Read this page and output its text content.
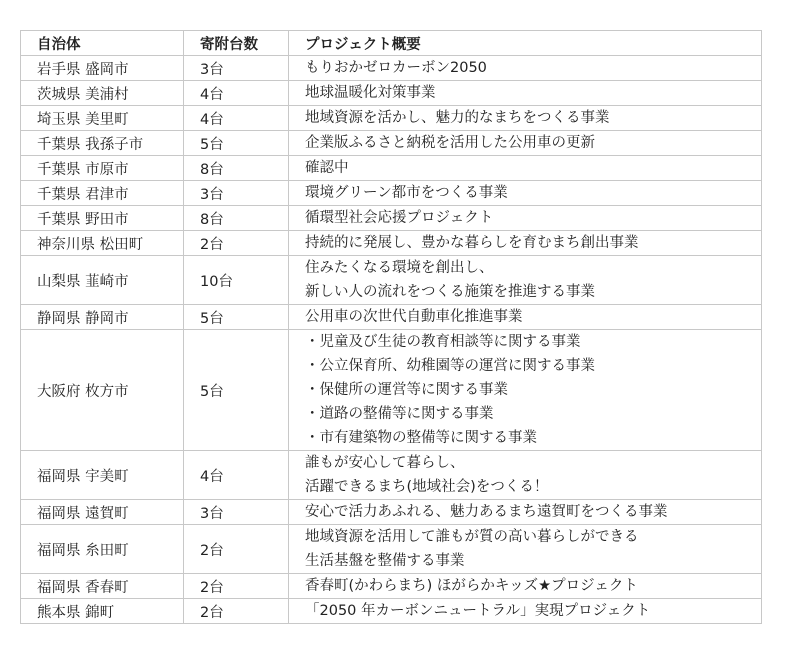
自治体	寄附台数	プロジェクト概要
岩手県 盛岡市	3台	もりおかゼロカーボン2050

茨城県 美浦村	4台	地球温暖化対策事業

埼玉県 美里町	4台	地域資源を活かし、魅力的なまちをつくる事業

千葉県 我孫子市	5台	企業版ふるさと納税を活用した公用車の更新

千葉県 市原市	8台	確認中

千葉県 君津市	3台	環境グリーン都市をつくる事業

千葉県 野田市	8台	循環型社会応援プロジェクト

神奈川県 松田町	2台	持続的に発展し、豊かな暮らしを育むまち創出事業

山梨県 韮崎市	10台	住みたくなる環境を創出し、
新しい人の流れをつくる施策を推進する事業

静岡県 静岡市	5台	公用車の次世代自動車化推進事業

大阪府 枚方市	5台	・児童及び生徒の教育相談等に関する事業
・公立保育所、幼稚園等の運営に関する事業
・保健所の運営等に関する事業
・道路の整備等に関する事業
・市有建築物の整備等に関する事業

福岡県 宇美町	4台	誰もが安心して暮らし、
活躍できるまち(地域社会)をつくる！

福岡県 遠賀町	3台	安心で活力あふれる、魅力あるまち遠賀町をつくる事業

福岡県 糸田町	2台	地域資源を活用して誰もが質の高い暮らしができる
生活基盤を整備する事業

福岡県 香春町	2台	香春町(かわらまち) ほがらかキッズ★プロジェクト

熊本県 錦町	2台	「2050 年カーボンニュートラル」実現プロジェクト
